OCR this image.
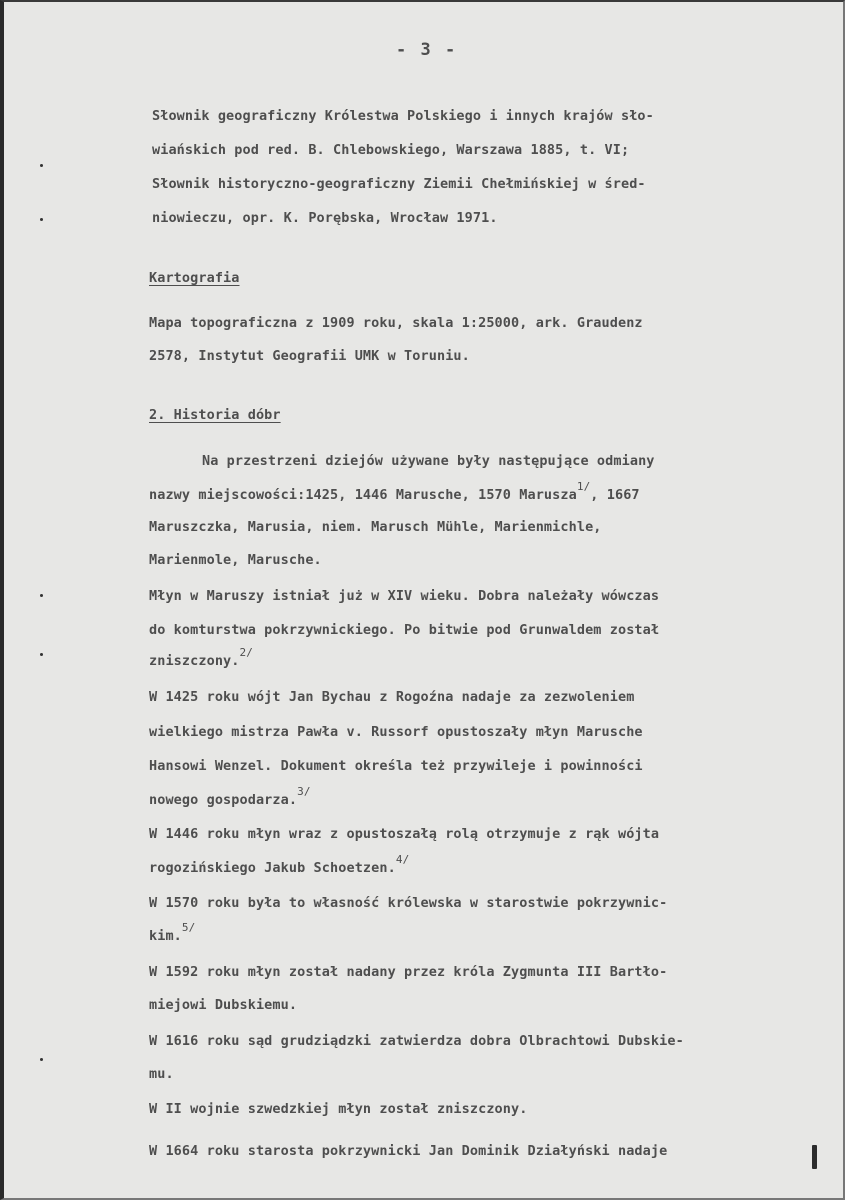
- 3 -
Słownik geograficzny Królestwa Polskiego i innych krajów sło-
wiańskich pod red. B. Chlebowskiego, Warszawa 1885, t. VI;
Słownik historyczno-geograficzny Ziemii Chełmińskiej w śred-
niowieczu, opr. K. Porębska, Wrocław 1971.
Kartografia
Mapa topograficzna z 1909 roku, skala 1:25000, ark. Graudenz
2578, Instytut Geografii UMK w Toruniu.
2. Historia dóbr
Na przestrzeni dziejów używane były następujące odmiany
nazwy miejscowości:1425, 1446 Marusche, 1570 Marusza$^{1/}$, 1667
Maruszczka, Marusia, niem. Marusch Mühle, Marienmichle,
Marienmole, Marusche.
Młyn w Maruszy istniał już w XIV wieku. Dobra należały wówczas
do komturstwa pokrzywnickiego. Po bitwie pod Grunwaldem został
zniszczony.$^{2/}$
W 1425 roku wójt Jan Bychau z Rogoźna nadaje za zezwoleniem
wielkiego mistrza Pawła v. Russorf opustoszały młyn Marusche
Hansowi Wenzel. Dokument określa też przywileje i powinności
nowego gospodarza.$^{3/}$
W 1446 roku młyn wraz z opustoszałą rolą otrzymuje z rąk wójta
rogozińskiego Jakub Schoetzen.$^{4/}$
W 1570 roku była to własność królewska w starostwie pokrzywnic-
kim.$^{5/}$
W 1592 roku młyn został nadany przez króla Zygmunta III Bartło-
miejowi Dubskiemu.
W 1616 roku sąd grudziądzki zatwierdza dobra Olbrachtowi Dubskie-
mu.
W II wojnie szwedzkiej młyn został zniszczony.
W 1664 roku starosta pokrzywnicki Jan Dominik Działyński nadaje
